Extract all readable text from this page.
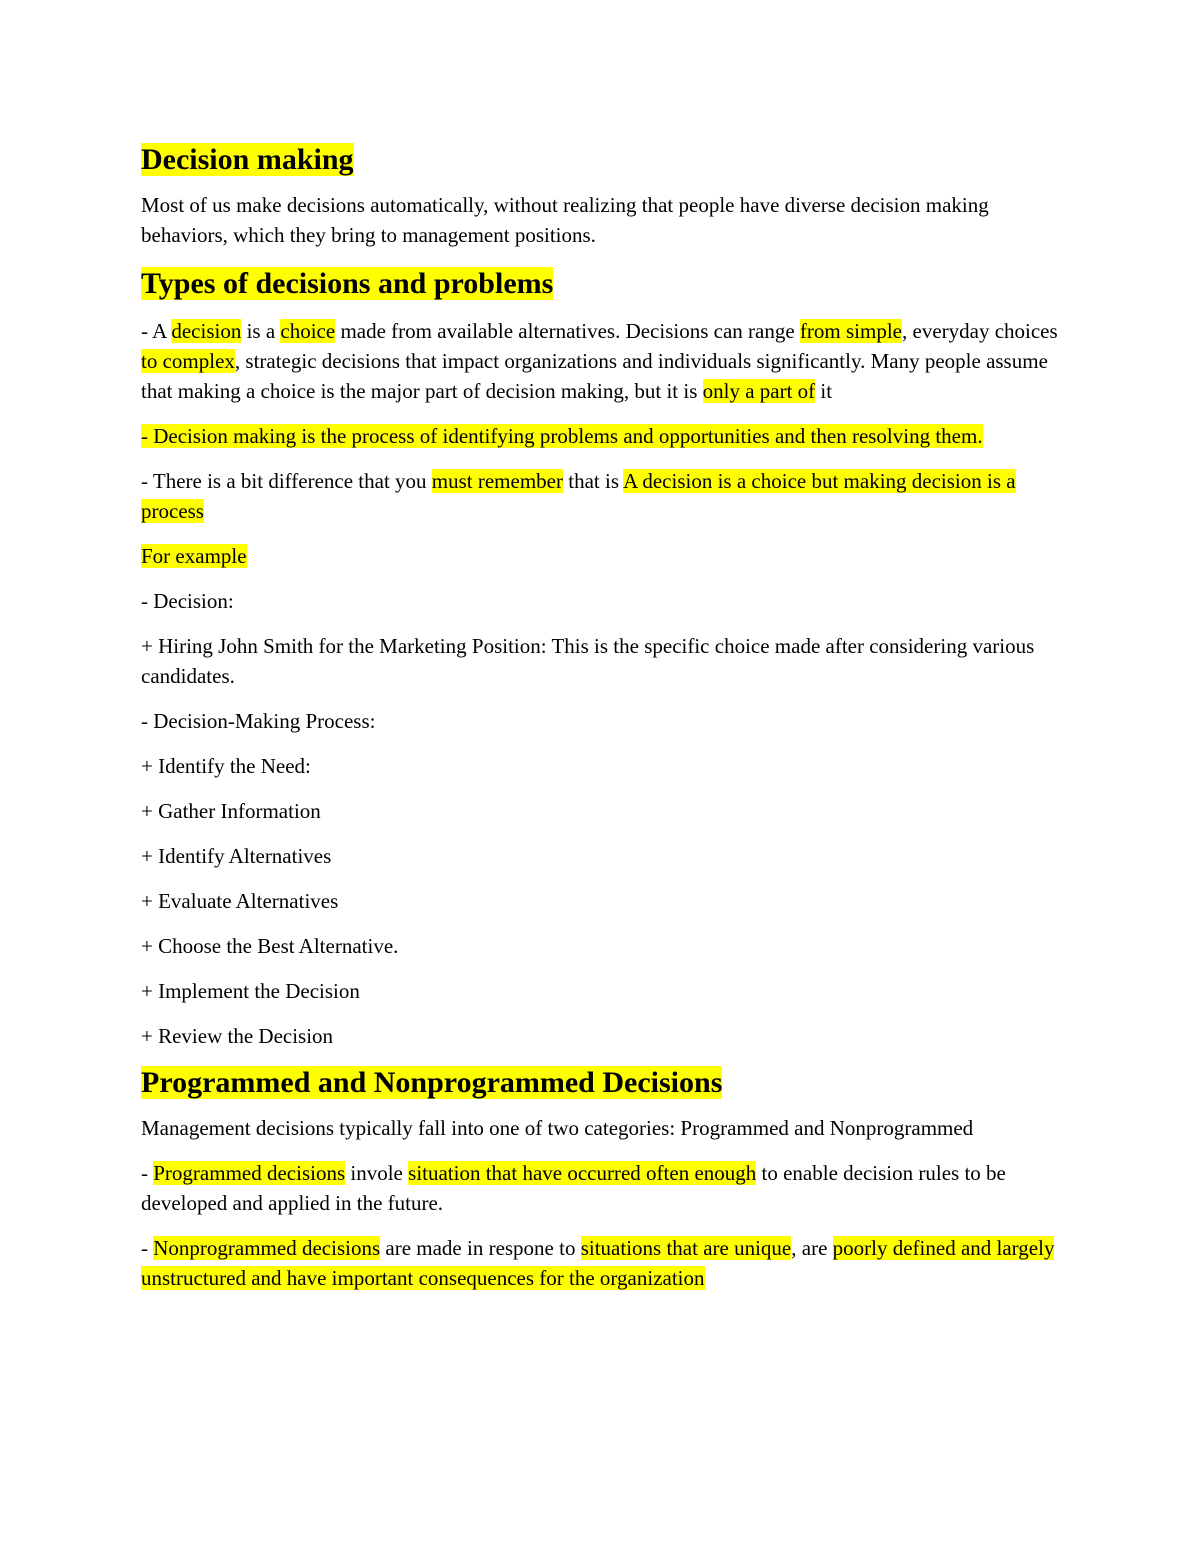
Decision making

Most of us make decisions automatically, without realizing that people have diverse decision making behaviors, which they bring to management positions.

Types of decisions and problems

- A decision is a choice made from available alternatives. Decisions can range from simple, everyday choices to complex, strategic decisions that impact organizations and individuals significantly. Many people assume that making a choice is the major part of decision making, but it is only a part of it

- Decision making is the process of identifying problems and opportunities and then resolving them.

- There is a bit difference that you must remember that is A decision is a choice but making decision is a process

For example

- Decision:

+ Hiring John Smith for the Marketing Position: This is the specific choice made after considering various candidates.

- Decision-Making Process:

+ Identify the Need:

+ Gather Information

+ Identify Alternatives

+ Evaluate Alternatives

+ Choose the Best Alternative.

+ Implement the Decision

+ Review the Decision

Programmed and Nonprogrammed Decisions

Management decisions typically fall into one of two categories: Programmed and Nonprogrammed

- Programmed decisions invole situation that have occurred often enough to enable decision rules to be developed and applied in the future.

- Nonprogrammed decisions are made in respone to situations that are unique, are poorly defined and largely unstructured and have important consequences for the organization
